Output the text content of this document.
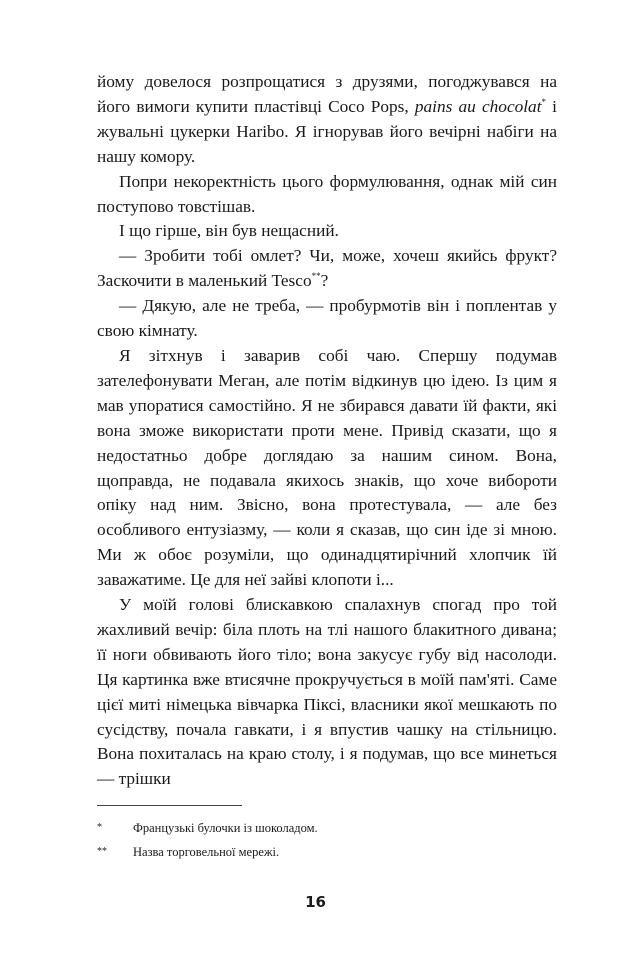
йому довелося розпрощатися з друзями, погоджувався на його вимоги купити пластівці Coco Pops, pains au chocolat* і жувальні цукерки Haribo. Я ігнорував його вечірні набіги на нашу комору.

Попри некоректність цього формулювання, однак мій син поступово товстішав.

І що гірше, він був нещасний.

— Зробити тобі омлет? Чи, може, хочеш якийсь фрукт? Заскочити в маленький Tesco**?

— Дякую, але не треба, — пробурмотів він і поплентав у свою кімнату.

Я зітхнув і заварив собі чаю. Спершу подумав зателефонувати Меган, але потім відкинув цю ідею. Із цим я мав упоратися самостійно. Я не збирався давати їй факти, які вона зможе використати проти мене. Привід сказати, що я недостатньо добре доглядаю за нашим сином. Вона, щоправда, не подавала якихось знаків, що хоче вибороти опіку над ним. Звісно, вона протестувала, — але без особливого ентузіазму, — коли я сказав, що син іде зі мною. Ми ж обоє розуміли, що одинадцятирічний хлопчик їй заважатиме. Це для неї зайві клопоти і...

У моїй голові блискавкою спалахнув спогад про той жахливий вечір: біла плоть на тлі нашого блакитного дивана; її ноги обвивають його тіло; вона закусує губу від насолоди. Ця картинка вже втисячне прокручується в моїй пам'яті. Саме цієї миті німецька вівчарка Піксі, власники якої мешкають по сусідству, почала гавкати, і я впустив чашку на стільницю. Вона похиталась на краю столу, і я подумав, що все минеться — трішки

*	Французькі булочки із шоколадом.
**	Назва торговельної мережі.
16
